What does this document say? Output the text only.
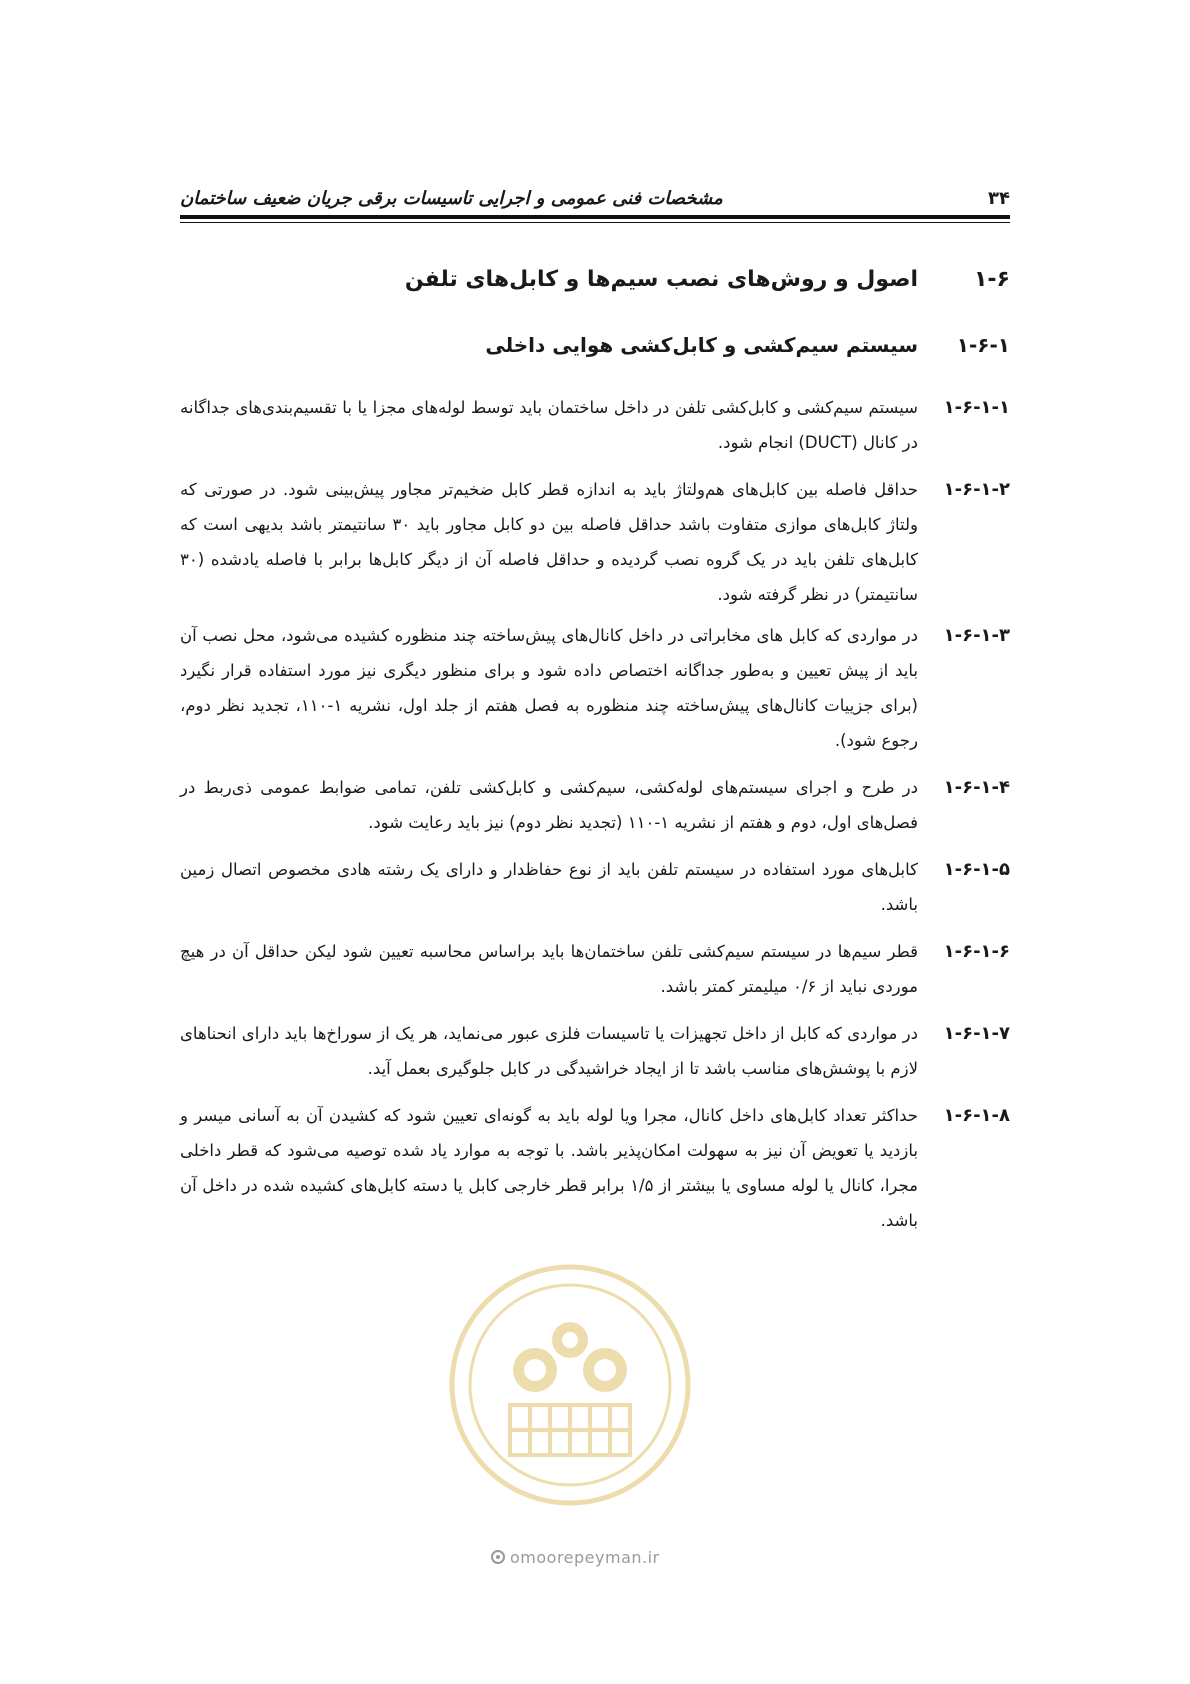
۳۴
مشخصات فنی عمومی و اجرایی تاسیسات برقی جریان ضعیف ساختمان
۱-۶
اصول و روش‌های نصب سیم‌ها و کابل‌های تلفن
۱-۶-۱
سیستم سیم‌کشی و کابل‌کشی هوایی داخلی
۱-۶-۱-۱
سیستم سیم‌کشی و کابل‌کشی تلفن در داخل ساختمان باید توسط لوله‌های مجزا یا با تقسیم‌بندی‌های جداگانه در کانال (DUCT) انجام شود.
۱-۶-۱-۲
حداقل فاصله بین کابل‌های هم‌ولتاژ باید به اندازه قطر کابل ضخیم‌تر مجاور پیش‌بینی شود. در صورتی که ولتاژ کابل‌های موازی متفاوت باشد حداقل فاصله بین دو کابل مجاور باید ۳۰ سانتیمتر باشد بدیهی است که کابل‌های تلفن باید در یک گروه نصب گردیده و حداقل فاصله آن از دیگر کابل‌ها برابر با فاصله یادشده (۳۰ سانتیمتر) در نظر گرفته شود.
۱-۶-۱-۳
در مواردی که کابل های مخابراتی در داخل کانال‌های پیش‌ساخته چند منظوره کشیده می‌شود، محل نصب آن باید از پیش تعیین و به‌طور جداگانه اختصاص داده شود و برای منظور دیگری نیز مورد استفاده قرار نگیرد (برای جزییات کانال‌های پیش‌ساخته چند منظوره به فصل هفتم از جلد اول، نشریه ۱-۱۱۰، تجدید نظر دوم، رجوع شود).
۱-۶-۱-۴
در طرح و اجرای سیستم‌های لوله‌کشی، سیم‌کشی و کابل‌کشی تلفن، تمامی ضوابط عمومی ذی‌ربط در فصل‌های اول، دوم و هفتم از نشریه ۱-۱۱۰ (تجدید نظر دوم) نیز باید رعایت شود.
۱-۶-۱-۵
کابل‌های مورد استفاده در سیستم تلفن باید از نوع حفاظدار و دارای یک رشته هادی مخصوص اتصال زمین باشد.
۱-۶-۱-۶
قطر سیم‌ها در سیستم سیم‌کشی تلفن ساختمان‌ها باید براساس محاسبه تعیین شود لیکن حداقل آن در هیچ موردی نباید از ۰/۶ میلیمتر کمتر باشد.
۱-۶-۱-۷
در مواردی که کابل از داخل تجهیزات یا تاسیسات فلزی عبور می‌نماید، هر یک از سوراخ‌ها باید دارای انحناهای لازم با پوشش‌های مناسب باشد تا از ایجاد خراشیدگی در کابل جلوگیری بعمل آید.
۱-۶-۱-۸
حداکثر تعداد کابل‌های داخل کانال، مجرا ویا لوله باید به گونه‌ای تعیین شود که کشیدن آن به آسانی میسر و بازدید یا تعویض آن نیز به سهولت امکان‌پذیر باشد. با توجه به موارد یاد شده توصیه می‌شود که قطر داخلی مجرا، کانال یا لوله مساوی یا بیشتر از ۱/۵ برابر قطر خارجی کابل یا دسته کابل‌های کشیده شده در داخل آن باشد.
omoorepeyman.ir
